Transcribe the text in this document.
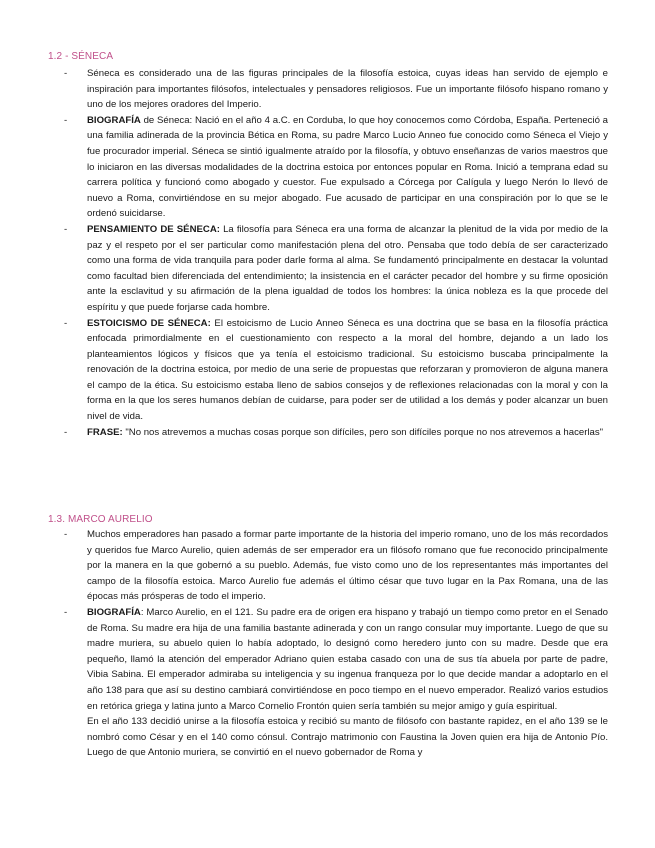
1.2 - SÉNECA
- Séneca es considerado una de las figuras principales de la filosofía estoica, cuyas ideas han servido de ejemplo e inspiración para importantes filósofos, intelectuales y pensadores religiosos. Fue un importante filósofo hispano romano y uno de los mejores oradores del Imperio.
- BIOGRAFÍA de Séneca: Nació en el año 4 a.C. en Corduba, lo que hoy conocemos como Córdoba, España. Perteneció a una familia adinerada de la provincia Bética en Roma, su padre Marco Lucio Anneo fue conocido como Séneca el Viejo y fue procurador imperial. Séneca se sintió igualmente atraído por la filosofía, y obtuvo enseñanzas de varios maestros que lo iniciaron en las diversas modalidades de la doctrina estoica por entonces popular en Roma. Inició a temprana edad su carrera política y funcionó como abogado y cuestor. Fue expulsado a Córcega por Calígula y luego Nerón lo llevó de nuevo a Roma, convirtiéndose en su mejor abogado. Fue acusado de participar en una conspiración por lo que se le ordenó suicidarse.
- PENSAMIENTO DE SÉNECA: La filosofía para Séneca era una forma de alcanzar la plenitud de la vida por medio de la paz y el respeto por el ser particular como manifestación plena del otro. Pensaba que todo debía de ser caracterizado como una forma de vida tranquila para poder darle forma al alma. Se fundamentó principalmente en destacar la voluntad como facultad bien diferenciada del entendimiento; la insistencia en el carácter pecador del hombre y su firme oposición ante la esclavitud y su afirmación de la plena igualdad de todos los hombres: la única nobleza es la que procede del espíritu y que puede forjarse cada hombre.
- ESTOICISMO DE SÉNECA: El estoicismo de Lucio Anneo Séneca es una doctrina que se basa en la filosofía práctica enfocada primordialmente en el cuestionamiento con respecto a la moral del hombre, dejando a un lado los planteamientos lógicos y físicos que ya tenía el estoicismo tradicional. Su estoicismo buscaba principalmente la renovación de la doctrina estoica, por medio de una serie de propuestas que reforzaran y promovieron de alguna manera el campo de la ética. Su estoicismo estaba lleno de sabios consejos y de reflexiones relacionadas con la moral y con la forma en la que los seres humanos debían de cuidarse, para poder ser de utilidad a los demás y poder alcanzar un buen nivel de vida.
- FRASE: "No nos atrevemos a muchas cosas porque son difíciles, pero son difíciles porque no nos atrevemos a hacerlas"
1.3. MARCO AURELIO
- Muchos emperadores han pasado a formar parte importante de la historia del imperio romano, uno de los más recordados y queridos fue Marco Aurelio, quien además de ser emperador era un filósofo romano que fue reconocido principalmente por la manera en la que gobernó a su pueblo. Además, fue visto como uno de los representantes más importantes del campo de la filosofía estoica. Marco Aurelio fue además el último césar que tuvo lugar en la Pax Romana, una de las épocas más prósperas de todo el imperio.
- BIOGRAFÍA: Marco Aurelio, en el 121. Su padre era de origen era hispano y trabajó un tiempo como pretor en el Senado de Roma. Su madre era hija de una familia bastante adinerada y con un rango consular muy importante. Luego de que su madre muriera, su abuelo quien lo había adoptado, lo designó como heredero junto con su madre. Desde que era pequeño, llamó la atención del emperador Adriano quien estaba casado con una de sus tía abuela por parte de padre, Vibia Sabina. El emperador admiraba su inteligencia y su ingenua franqueza por lo que decide mandar a adoptarlo en el año 138 para que así su destino cambiará convirtiéndose en poco tiempo en el nuevo emperador. Realizó varios estudios en retórica griega y latina junto a Marco Cornelio Frontón quien sería también su mejor amigo y guía espiritual.
En el año 133 decidió unirse a la filosofía estoica y recibió su manto de filósofo con bastante rapidez, en el año 139 se le nombró como César y en el 140 como cónsul. Contrajo matrimonio con Faustina la Joven quien era hija de Antonio Pío. Luego de que Antonio muriera, se convirtió en el nuevo gobernador de Roma y
